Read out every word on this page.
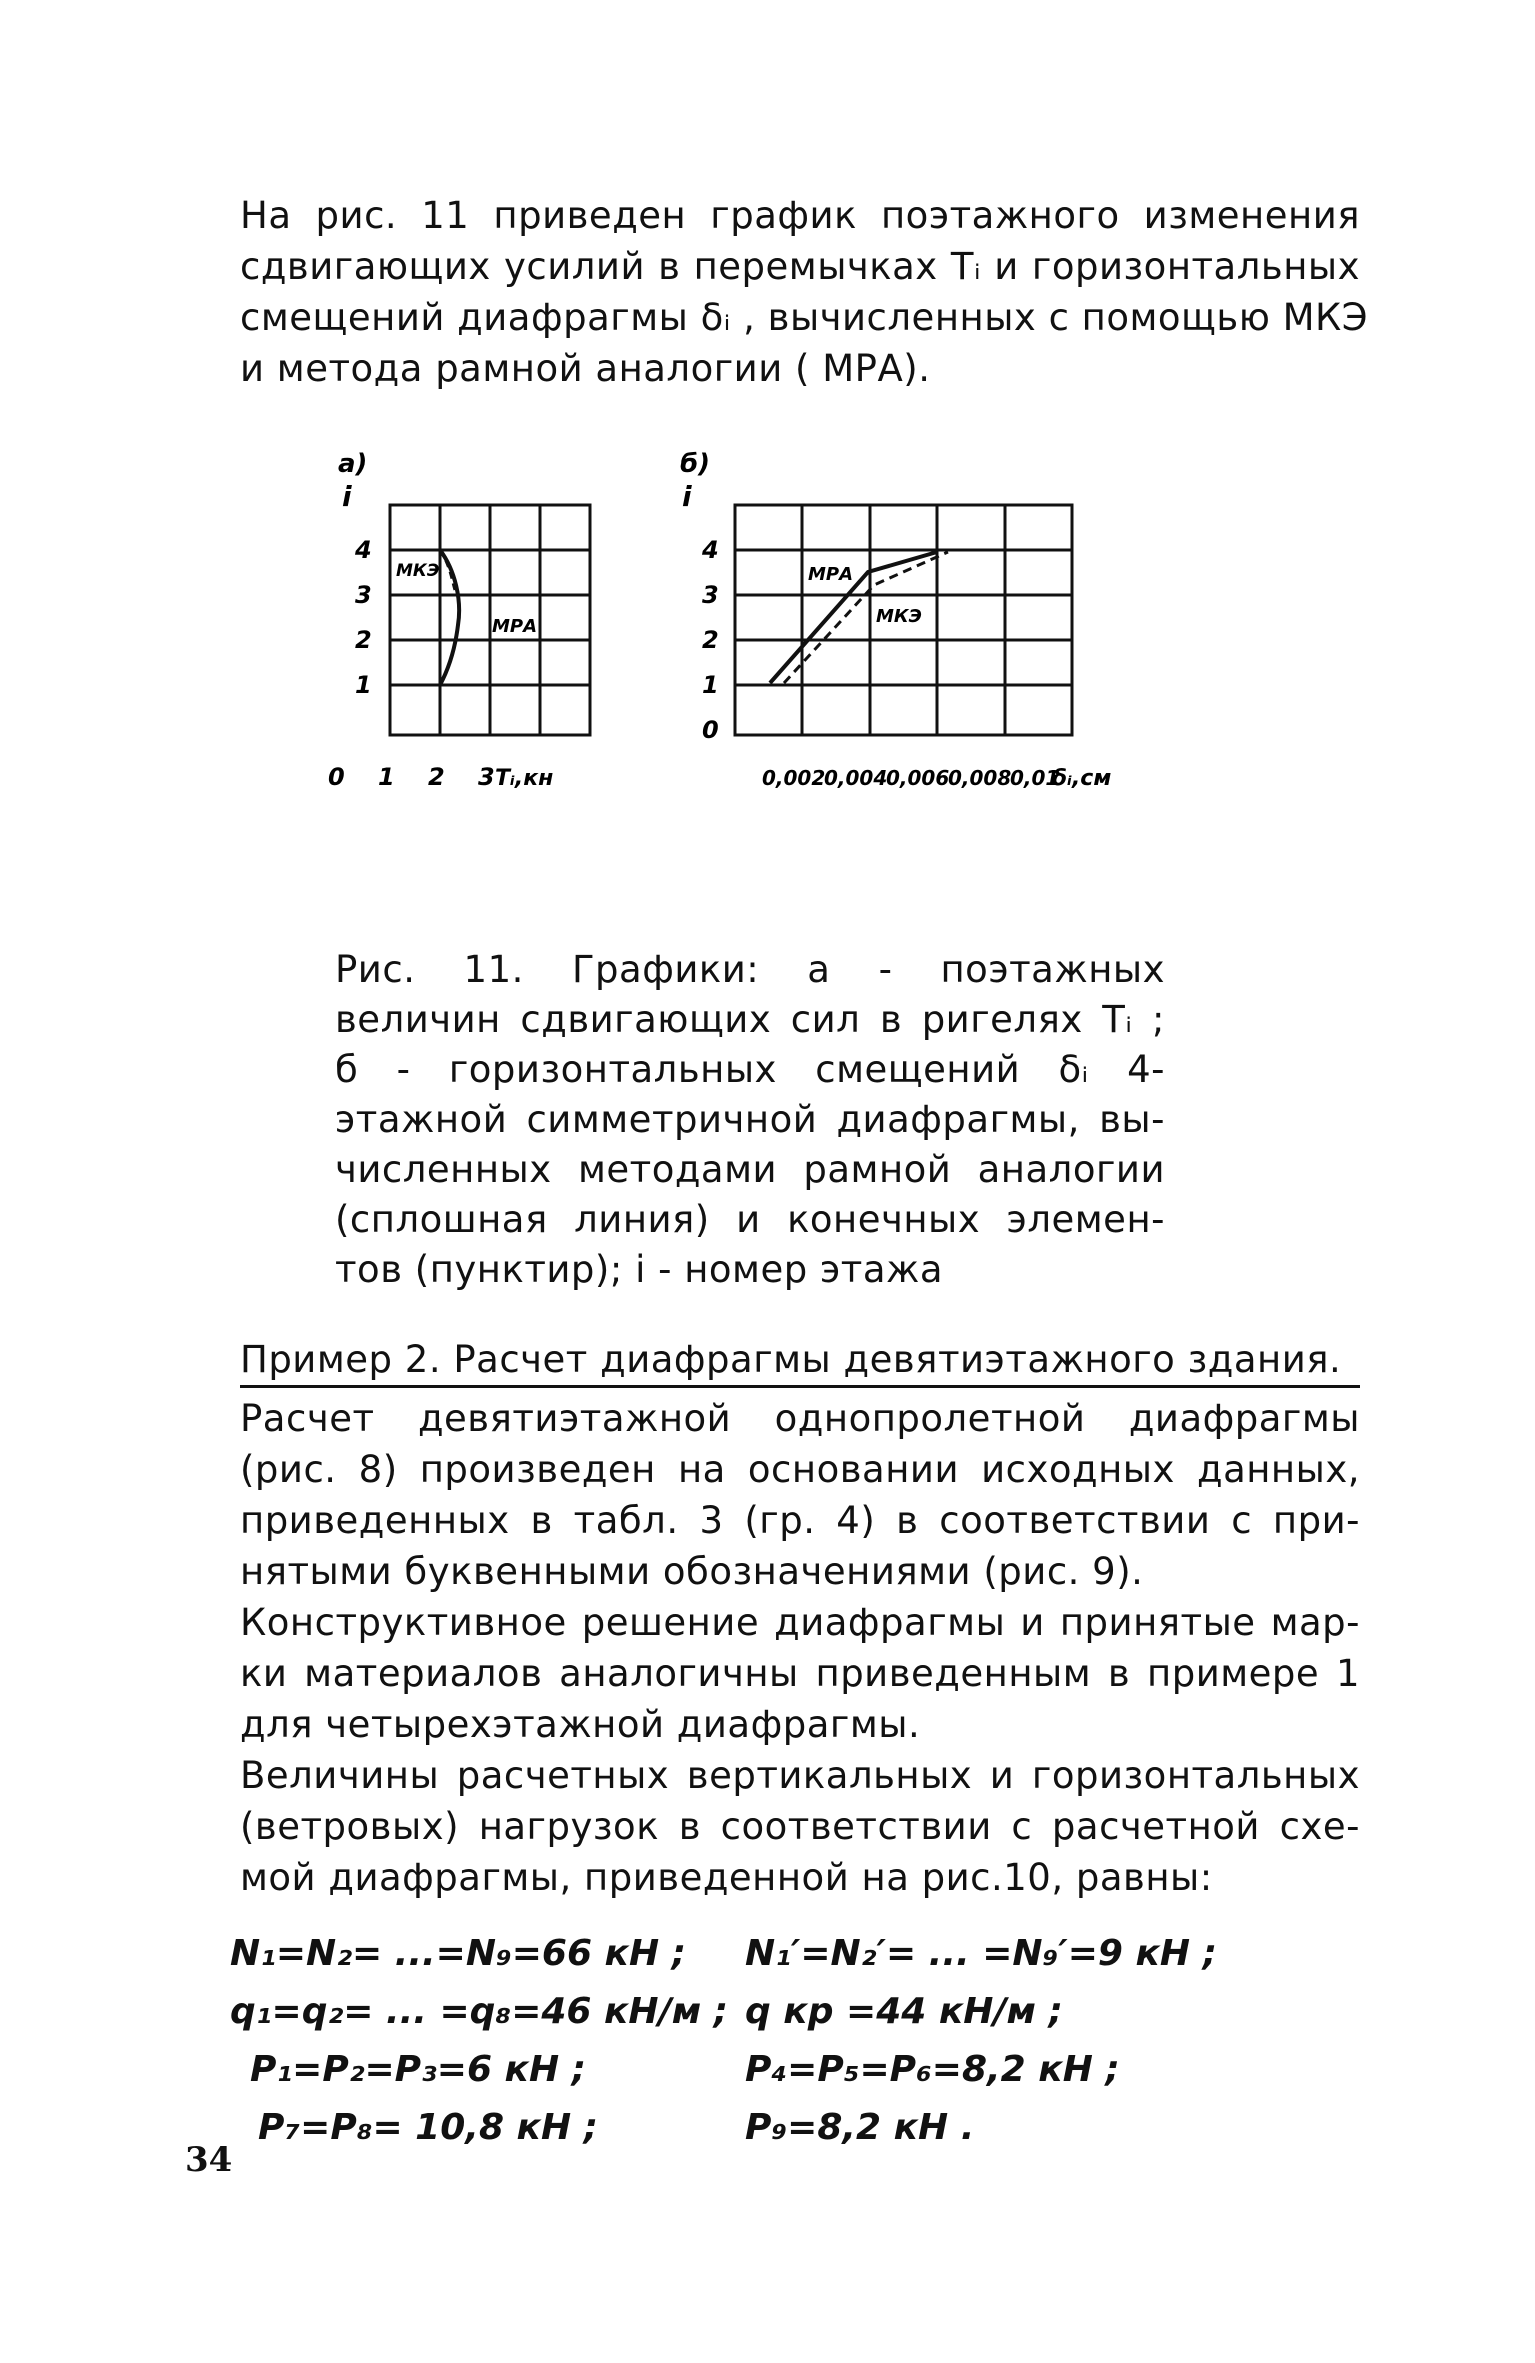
На рис. 11 приведен график поэтажного изменения
сдвигающих усилий в перемычках Tᵢ и горизонтальных
смещений диафрагмы δᵢ , вычисленных с помощью МКЭ
и метода рамной аналогии ( МРА).
а)
i
4
3
2
1
0 1 2 3 Tᵢ,кн
МКЭ
МРА
б)
i
4
3
2
1
0
0,002
0,004
0,006
0,008
0,01
δᵢ,см
МРА
МКЭ
Рис. 11. Графики: а - поэтажных
величин сдвигающих сил в ригелях Tᵢ ;
б - горизонтальных смещений δᵢ 4-
этажной симметричной диафрагмы, вы-
численных методами рамной аналогии
(сплошная линия) и конечных элемен-
тов (пунктир); i - номер этажа
Пример 2. Расчет диафрагмы девятиэтажного здания.
Расчет девятиэтажной однопролетной диафрагмы
(рис. 8) произведен на основании исходных данных,
приведенных в табл. 3 (гр. 4) в соответствии с при-
нятыми буквенными обозначениями (рис. 9).
Конструктивное решение диафрагмы и принятые мар-
ки материалов аналогичны приведенным в примере 1
для четырехэтажной диафрагмы.
Величины расчетных вертикальных и горизонтальных
(ветровых) нагрузок в соответствии с расчетной схе-
мой диафрагмы, приведенной на рис.10, равны:
N₁=N₂= ...=N₉=66 кН ; N₁′=N₂′= ... =N₉′=9 кН ;
q₁=q₂= ... =q₈=46 кН/м ; q кр =44 кН/м ;
P₁=P₂=P₃=6 кН ;	P₄=P₅=P₆=8,2 кН ;
P₇=P₈= 10,8 кН ;	P₉=8,2 кН .
34
